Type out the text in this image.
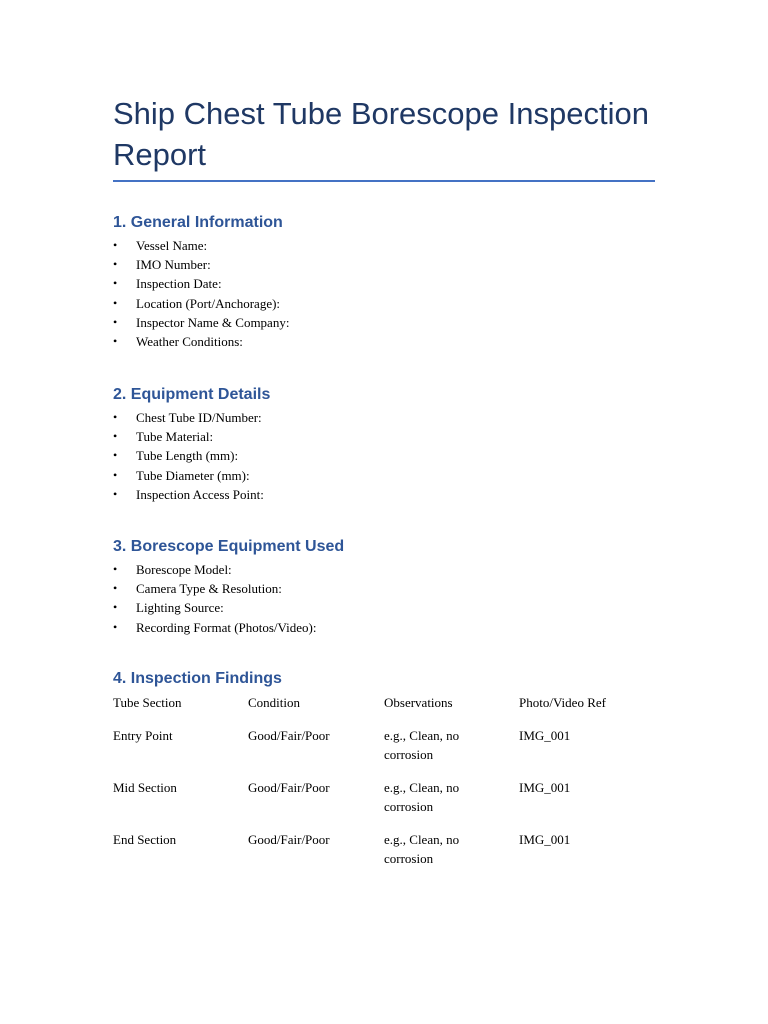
Ship Chest Tube Borescope Inspection Report
1. General Information
• Vessel Name:
• IMO Number:
• Inspection Date:
• Location (Port/Anchorage):
• Inspector Name & Company:
• Weather Conditions:
2. Equipment Details
• Chest Tube ID/Number:
• Tube Material:
• Tube Length (mm):
• Tube Diameter (mm):
• Inspection Access Point:
3. Borescope Equipment Used
• Borescope Model:
• Camera Type & Resolution:
• Lighting Source:
• Recording Format (Photos/Video):
4. Inspection Findings
Tube Section	Condition	Observations	Photo/Video Ref
Entry Point	Good/Fair/Poor	e.g., Clean, no corrosion	IMG_001
Mid Section	Good/Fair/Poor	e.g., Clean, no corrosion	IMG_001
End Section	Good/Fair/Poor	e.g., Clean, no corrosion	IMG_001
